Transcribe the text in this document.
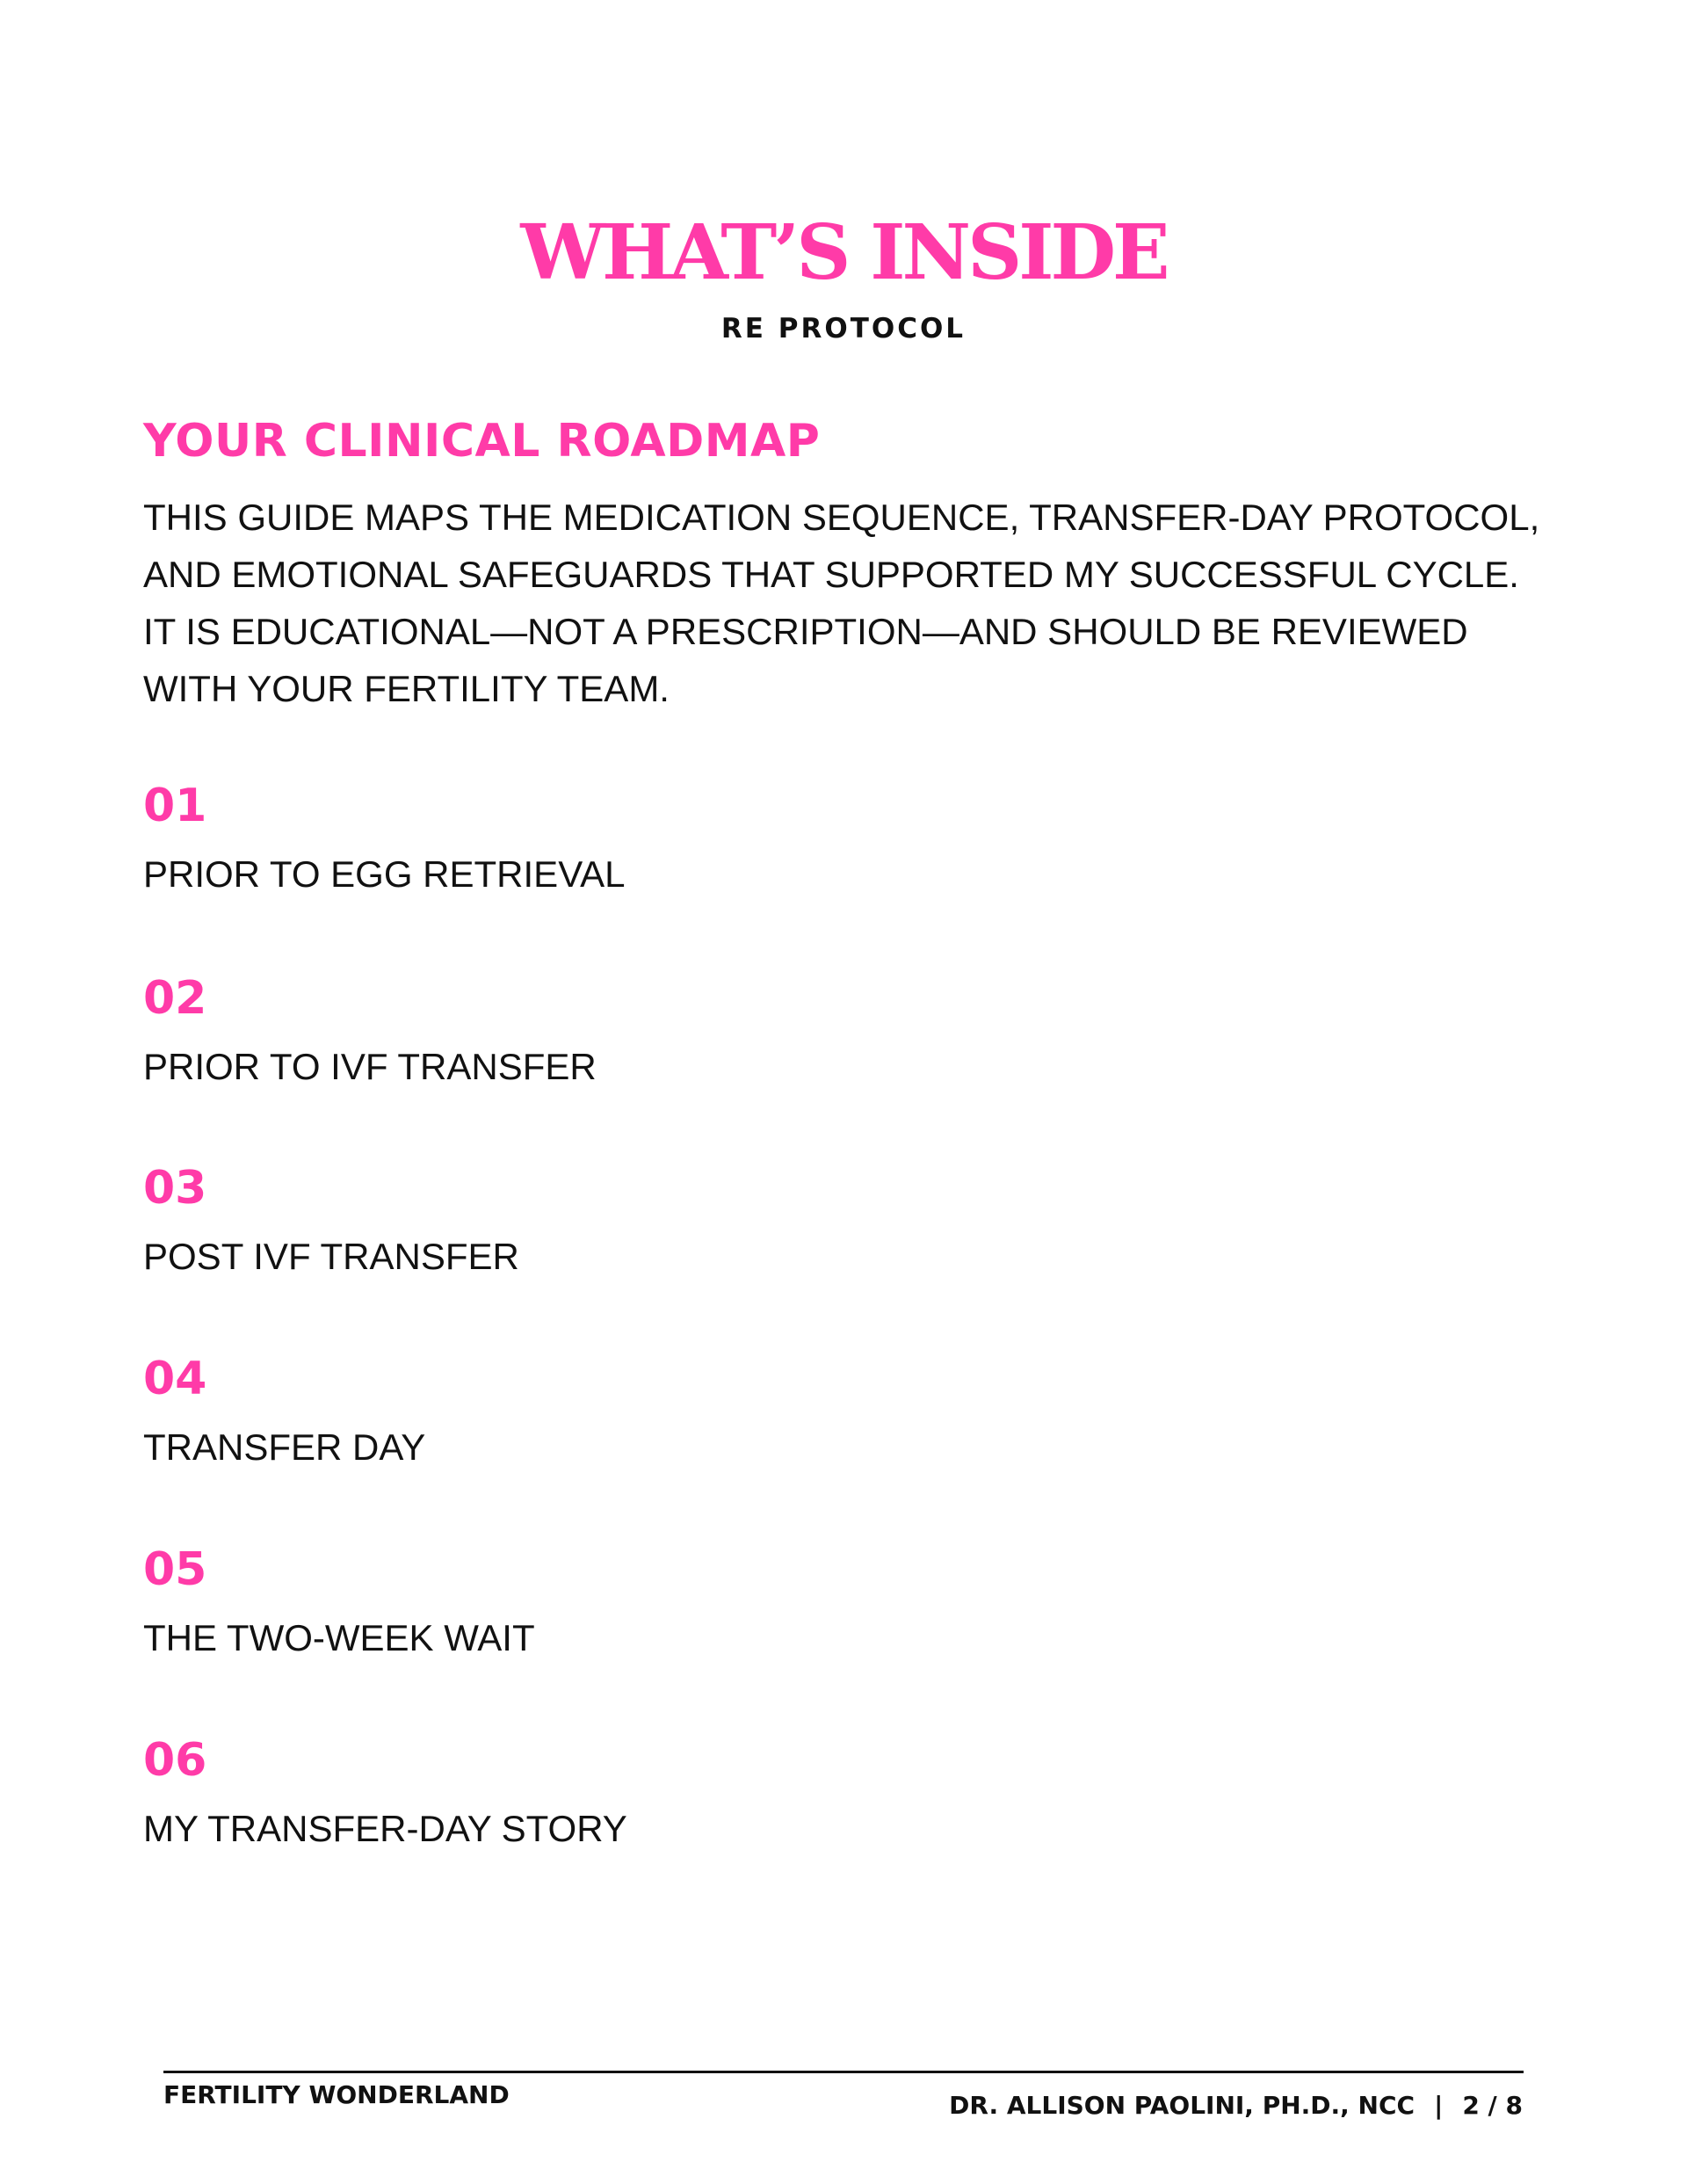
WHAT’S INSIDE
RE PROTOCOL
YOUR CLINICAL ROADMAP

THIS GUIDE MAPS THE MEDICATION SEQUENCE, TRANSFER-DAY PROTOCOL, AND EMOTIONAL SAFEGUARDS THAT SUPPORTED MY SUCCESSFUL CYCLE. IT IS EDUCATIONAL—NOT A PRESCRIPTION—AND SHOULD BE REVIEWED WITH YOUR FERTILITY TEAM.

01
PRIOR TO EGG RETRIEVAL
02
PRIOR TO IVF TRANSFER
03
POST IVF TRANSFER
04
TRANSFER DAY
05
THE TWO-WEEK WAIT
06
MY TRANSFER-DAY STORY
FERTILITY WONDERLAND	DR. ALLISON PAOLINI, PH.D., NCC | 2 / 8
